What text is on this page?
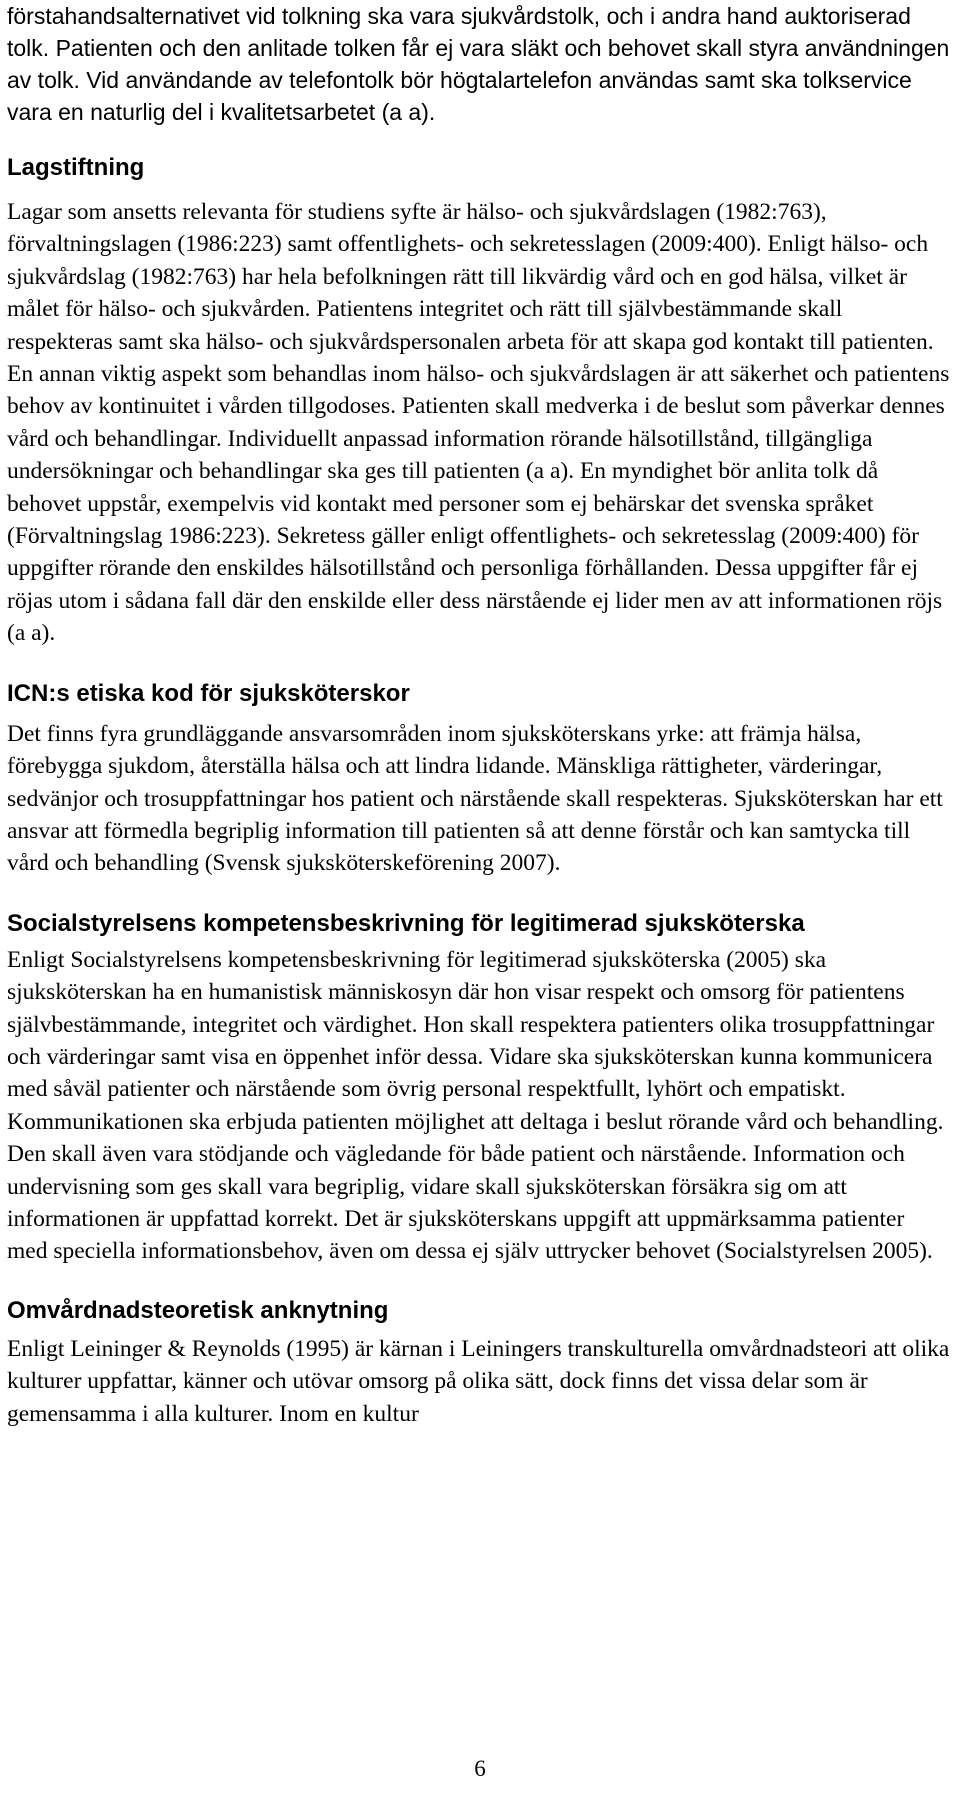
förstahandsalternativet vid tolkning ska vara sjukvårdstolk, och i andra hand auktoriserad tolk. Patienten och den anlitade tolken får ej vara släkt och behovet skall styra användningen av tolk. Vid användande av telefontolk bör högtalartelefon användas samt ska tolkservice vara en naturlig del i kvalitetsarbetet (a a).

Lagstiftning

Lagar som ansetts relevanta för studiens syfte är hälso- och sjukvårdslagen (1982:763), förvaltningslagen (1986:223) samt offentlighets- och sekretesslagen (2009:400). Enligt hälso- och sjukvårdslag (1982:763) har hela befolkningen rätt till likvärdig vård och en god hälsa, vilket är målet för hälso- och sjukvården. Patientens integritet och rätt till självbestämmande skall respekteras samt ska hälso- och sjukvårdspersonalen arbeta för att skapa god kontakt till patienten. En annan viktig aspekt som behandlas inom hälso- och sjukvårdslagen är att säkerhet och patientens behov av kontinuitet i vården tillgodoses. Patienten skall medverka i de beslut som påverkar dennes vård och behandlingar. Individuellt anpassad information rörande hälsotillstånd, tillgängliga undersökningar och behandlingar ska ges till patienten (a a). En myndighet bör anlita tolk då behovet uppstår, exempelvis vid kontakt med personer som ej behärskar det svenska språket (Förvaltningslag 1986:223). Sekretess gäller enligt offentlighets- och sekretesslag (2009:400) för uppgifter rörande den enskildes hälsotillstånd och personliga förhållanden. Dessa uppgifter får ej röjas utom i sådana fall där den enskilde eller dess närstående ej lider men av att informationen röjs (a a).

ICN:s etiska kod för sjuksköterskor

Det finns fyra grundläggande ansvarsområden inom sjuksköterskans yrke: att främja hälsa, förebygga sjukdom, återställa hälsa och att lindra lidande. Mänskliga rättigheter, värderingar, sedvänjor och trosuppfattningar hos patient och närstående skall respekteras. Sjuksköterskan har ett ansvar att förmedla begriplig information till patienten så att denne förstår och kan samtycka till vård och behandling (Svensk sjuksköterskeförening 2007).

Socialstyrelsens kompetensbeskrivning för legitimerad sjuksköterska

Enligt Socialstyrelsens kompetensbeskrivning för legitimerad sjuksköterska (2005) ska sjuksköterskan ha en humanistisk människosyn där hon visar respekt och omsorg för patientens självbestämmande, integritet och värdighet. Hon skall respektera patienters olika trosuppfattningar och värderingar samt visa en öppenhet inför dessa. Vidare ska sjuksköterskan kunna kommunicera med såväl patienter och närstående som övrig personal respektfullt, lyhört och empatiskt. Kommunikationen ska erbjuda patienten möjlighet att deltaga i beslut rörande vård och behandling. Den skall även vara stödjande och vägledande för både patient och närstående. Information och undervisning som ges skall vara begriplig, vidare skall sjuksköterskan försäkra sig om att informationen är uppfattad korrekt. Det är sjuksköterskans uppgift att uppmärksamma patienter med speciella informationsbehov, även om dessa ej själv uttrycker behovet (Socialstyrelsen 2005).

Omvårdnadsteoretisk anknytning

Enligt Leininger & Reynolds (1995) är kärnan i Leiningers transkulturella omvårdnadsteori att olika kulturer uppfattar, känner och utövar omsorg på olika sätt, dock finns det vissa delar som är gemensamma i alla kulturer. Inom en kultur

6
